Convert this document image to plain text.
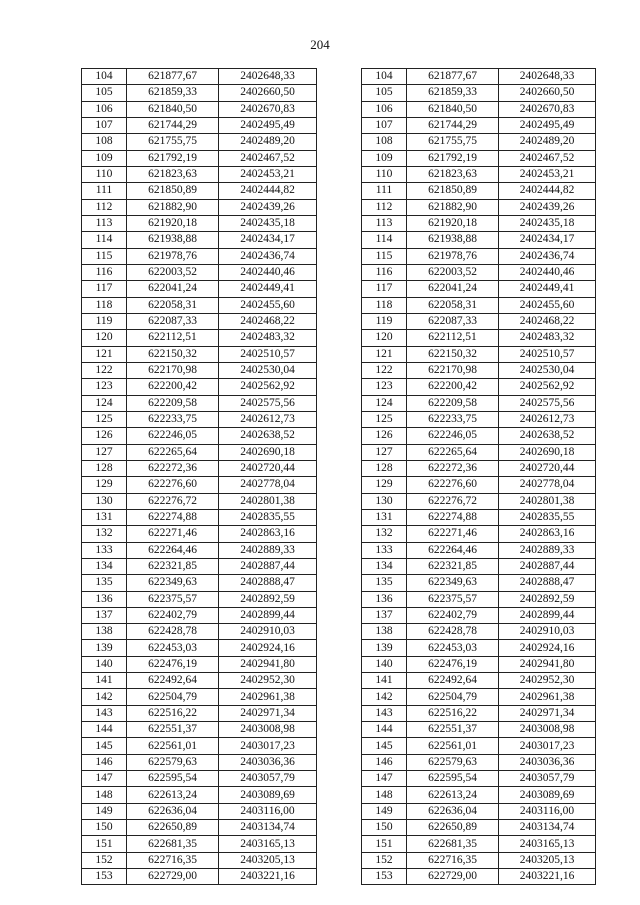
204
104	621877,67	2402648,33		104	621877,67	2402648,33
105	621859,33	2402660,50		105	621859,33	2402660,50
106	621840,50	2402670,83		106	621840,50	2402670,83
107	621744,29	2402495,49		107	621744,29	2402495,49
108	621755,75	2402489,20		108	621755,75	2402489,20
109	621792,19	2402467,52		109	621792,19	2402467,52
110	621823,63	2402453,21		110	621823,63	2402453,21
111	621850,89	2402444,82		111	621850,89	2402444,82
112	621882,90	2402439,26		112	621882,90	2402439,26
113	621920,18	2402435,18		113	621920,18	2402435,18
114	621938,88	2402434,17		114	621938,88	2402434,17
115	621978,76	2402436,74		115	621978,76	2402436,74
116	622003,52	2402440,46		116	622003,52	2402440,46
117	622041,24	2402449,41		117	622041,24	2402449,41
118	622058,31	2402455,60		118	622058,31	2402455,60
119	622087,33	2402468,22		119	622087,33	2402468,22
120	622112,51	2402483,32		120	622112,51	2402483,32
121	622150,32	2402510,57		121	622150,32	2402510,57
122	622170,98	2402530,04		122	622170,98	2402530,04
123	622200,42	2402562,92		123	622200,42	2402562,92
124	622209,58	2402575,56		124	622209,58	2402575,56
125	622233,75	2402612,73		125	622233,75	2402612,73
126	622246,05	2402638,52		126	622246,05	2402638,52
127	622265,64	2402690,18		127	622265,64	2402690,18
128	622272,36	2402720,44		128	622272,36	2402720,44
129	622276,60	2402778,04		129	622276,60	2402778,04
130	622276,72	2402801,38		130	622276,72	2402801,38
131	622274,88	2402835,55		131	622274,88	2402835,55
132	622271,46	2402863,16		132	622271,46	2402863,16
133	622264,46	2402889,33		133	622264,46	2402889,33
134	622321,85	2402887,44		134	622321,85	2402887,44
135	622349,63	2402888,47		135	622349,63	2402888,47
136	622375,57	2402892,59		136	622375,57	2402892,59
137	622402,79	2402899,44		137	622402,79	2402899,44
138	622428,78	2402910,03		138	622428,78	2402910,03
139	622453,03	2402924,16		139	622453,03	2402924,16
140	622476,19	2402941,80		140	622476,19	2402941,80
141	622492,64	2402952,30		141	622492,64	2402952,30
142	622504,79	2402961,38		142	622504,79	2402961,38
143	622516,22	2402971,34		143	622516,22	2402971,34
144	622551,37	2403008,98		144	622551,37	2403008,98
145	622561,01	2403017,23		145	622561,01	2403017,23
146	622579,63	2403036,36		146	622579,63	2403036,36
147	622595,54	2403057,79		147	622595,54	2403057,79
148	622613,24	2403089,69		148	622613,24	2403089,69
149	622636,04	2403116,00		149	622636,04	2403116,00
150	622650,89	2403134,74		150	622650,89	2403134,74
151	622681,35	2403165,13		151	622681,35	2403165,13
152	622716,35	2403205,13		152	622716,35	2403205,13
153	622729,00	2403221,16		153	622729,00	2403221,16
